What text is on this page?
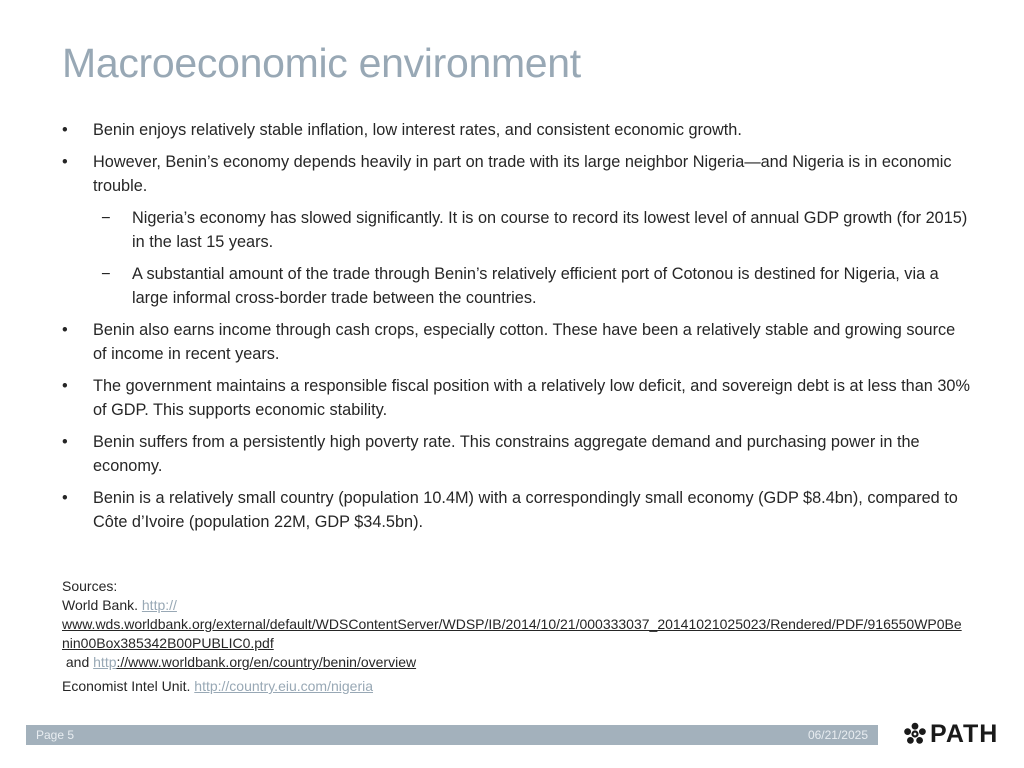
Macroeconomic environment
• Benin enjoys relatively stable inflation, low interest rates, and consistent economic growth.
• However, Benin’s economy depends heavily in part on trade with its large neighbor Nigeria—and Nigeria is in economic trouble.
− Nigeria’s economy has slowed significantly. It is on course to record its lowest level of annual GDP growth (for 2015) in the last 15 years.
− A substantial amount of the trade through Benin’s relatively efficient port of Cotonou is destined for Nigeria, via a large informal cross-border trade between the countries.
• Benin also earns income through cash crops, especially cotton. These have been a relatively stable and growing source of income in recent years.
• The government maintains a responsible fiscal position with a relatively low deficit, and sovereign debt is at less than 30% of GDP. This supports economic stability.
• Benin suffers from a persistently high poverty rate. This constrains aggregate demand and purchasing power in the economy.
• Benin is a relatively small country (population 10.4M) with a correspondingly small economy (GDP $8.4bn), compared to Côte d’Ivoire (population 22M, GDP $34.5bn).

Sources:

World Bank. http://
www.wds.worldbank.org/external/default/WDSContentServer/WDSP/IB/2014/10/21/000333037_20141021025023/Rendered/PDF/916550WP0Benin00Box385342B00PUBLIC0.pdf

and http://www.worldbank.org/en/country/benin/overview

Economist Intel Unit. http://country.eiu.com/nigeria

Page 5	06/21/2025 PATH
